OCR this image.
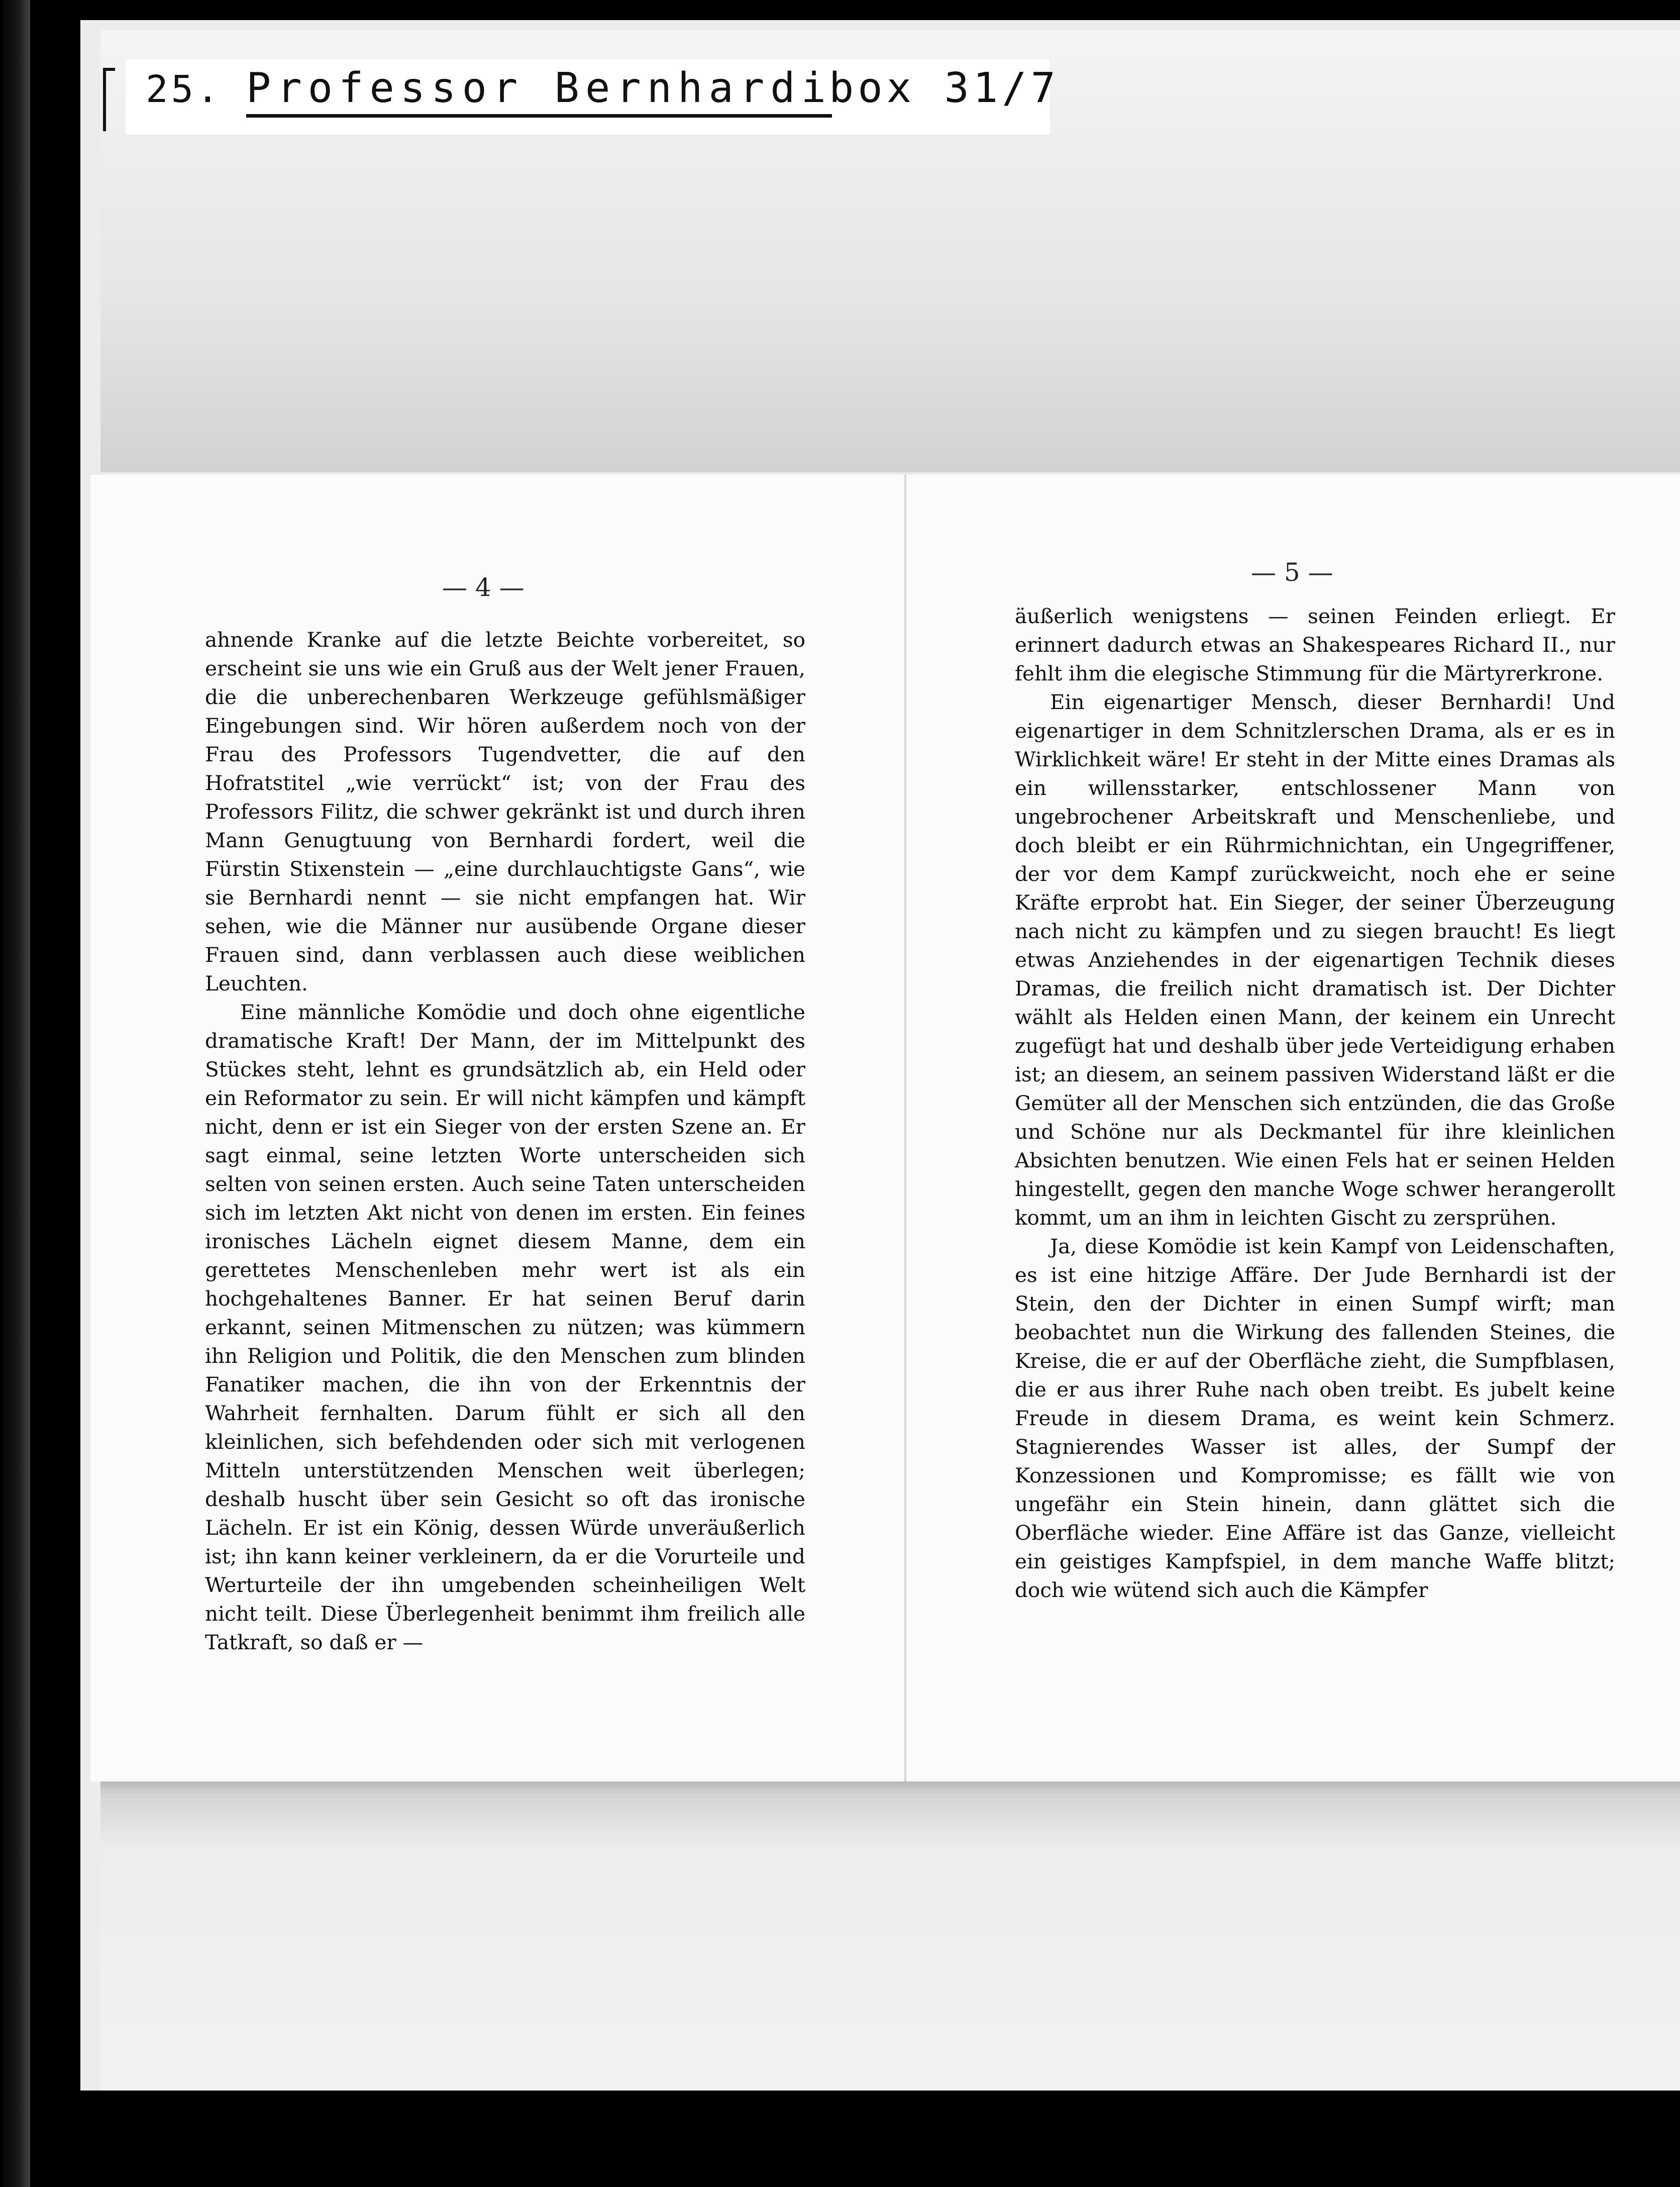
25. Professor Bernhardi
box 31/7
— 4 —
— 5 —

ahnende Kranke auf die letzte Beichte vorbereitet, so erscheint sie uns wie ein Gruß aus der Welt jener Frauen, die die unberechenbaren Werkzeuge gefühlsmäßiger Eingebungen sind. Wir hören außerdem noch von der Frau des Professors Tugendvetter, die auf den Hofratstitel „wie verrückt“ ist; von der Frau des Professors Filitz, die schwer gekränkt ist und durch ihren Mann Genugtuung von Bernhardi fordert, weil die Fürstin Stixenstein — „eine durchlauchtigste Gans“, wie sie Bernhardi nennt — sie nicht empfangen hat. Wir sehen, wie die Männer nur ausübende Organe dieser Frauen sind, dann verblassen auch diese weiblichen Leuchten.

Eine männliche Komödie und doch ohne eigentliche dramatische Kraft! Der Mann, der im Mittelpunkt des Stückes steht, lehnt es grundsätzlich ab, ein Held oder ein Reformator zu sein. Er will nicht kämpfen und kämpft nicht, denn er ist ein Sieger von der ersten Szene an. Er sagt einmal, seine letzten Worte unterscheiden sich selten von seinen ersten. Auch seine Taten unterscheiden sich im letzten Akt nicht von denen im ersten. Ein feines ironisches Lächeln eignet diesem Manne, dem ein gerettetes Menschenleben mehr wert ist als ein hochgehaltenes Banner. Er hat seinen Beruf darin erkannt, seinen Mitmenschen zu nützen; was kümmern ihn Religion und Politik, die den Menschen zum blinden Fanatiker machen, die ihn von der Erkenntnis der Wahrheit fernhalten. Darum fühlt er sich all den kleinlichen, sich befehdenden oder sich mit verlogenen Mitteln unterstützenden Menschen weit überlegen; deshalb huscht über sein Gesicht so oft das ironische Lächeln. Er ist ein König, dessen Würde unveräußerlich ist; ihn kann keiner verkleinern, da er die Vorurteile und Werturteile der ihn umgebenden scheinheiligen Welt nicht teilt. Diese Überlegenheit benimmt ihm freilich alle Tatkraft, so daß er —

äußerlich wenigstens — seinen Feinden erliegt. Er erinnert dadurch etwas an Shakespeares Richard II., nur fehlt ihm die elegische Stimmung für die Märtyrerkrone.

Ein eigenartiger Mensch, dieser Bernhardi! Und eigenartiger in dem Schnitzlerschen Drama, als er es in Wirklichkeit wäre! Er steht in der Mitte eines Dramas als ein willensstarker, entschlossener Mann von ungebrochener Arbeitskraft und Menschenliebe, und doch bleibt er ein Rührmichnichtan, ein Ungegriffener, der vor dem Kampf zurückweicht, noch ehe er seine Kräfte erprobt hat. Ein Sieger, der seiner Überzeugung nach nicht zu kämpfen und zu siegen braucht! Es liegt etwas Anziehendes in der eigenartigen Technik dieses Dramas, die freilich nicht dramatisch ist. Der Dichter wählt als Helden einen Mann, der keinem ein Unrecht zugefügt hat und deshalb über jede Verteidigung erhaben ist; an diesem, an seinem passiven Widerstand läßt er die Gemüter all der Menschen sich entzünden, die das Große und Schöne nur als Deckmantel für ihre kleinlichen Absichten benutzen. Wie einen Fels hat er seinen Helden hingestellt, gegen den manche Woge schwer herangerollt kommt, um an ihm in leichten Gischt zu zersprühen.

Ja, diese Komödie ist kein Kampf von Leidenschaften, es ist eine hitzige Affäre. Der Jude Bernhardi ist der Stein, den der Dichter in einen Sumpf wirft; man beobachtet nun die Wirkung des fallenden Steines, die Kreise, die er auf der Oberfläche zieht, die Sumpfblasen, die er aus ihrer Ruhe nach oben treibt. Es jubelt keine Freude in diesem Drama, es weint kein Schmerz. Stagnierendes Wasser ist alles, der Sumpf der Konzessionen und Kompromisse; es fällt wie von ungefähr ein Stein hinein, dann glättet sich die Oberfläche wieder. Eine Affäre ist das Ganze, vielleicht ein geistiges Kampfspiel, in dem manche Waffe blitzt; doch wie wütend sich auch die Kämpfer
